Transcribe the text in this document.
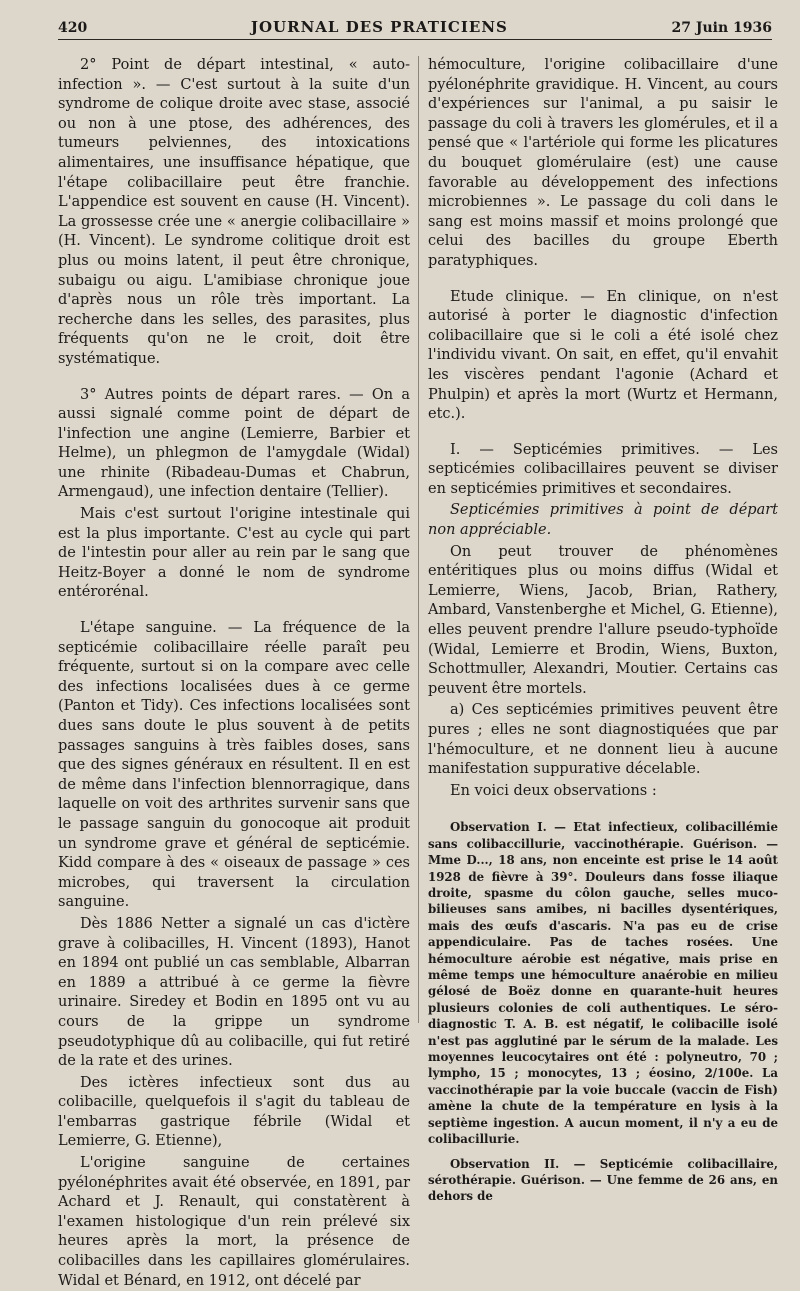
420	JOURNAL DES PRATICIENS	27 Juin 1936

2° Point de départ intestinal, « auto-infection ». — C'est surtout à la suite d'un syndrome de colique droite avec stase, associé ou non à une ptose, des adhérences, des tumeurs pelviennes, des intoxications alimentaires, une insuffisance hépatique, que l'étape colibacillaire peut être franchie. L'appendice est souvent en cause (H. Vincent). La grossesse crée une « anergie colibacillaire » (H. Vincent). Le syndrome colitique droit est plus ou moins latent, il peut être chronique, subaigu ou aigu. L'amibiase chronique joue d'après nous un rôle très important. La recherche dans les selles, des parasites, plus fréquents qu'on ne le croit, doit être systématique.

3° Autres points de départ rares. — On a aussi signalé comme point de départ de l'infection une angine (Lemierre, Barbier et Helme), un phlegmon de l'amygdale (Widal) une rhinite (Ribadeau-Dumas et Chabrun, Armengaud), une infection dentaire (Tellier).

Mais c'est surtout l'origine intestinale qui est la plus importante. C'est au cycle qui part de l'intestin pour aller au rein par le sang que Heitz-Boyer a donné le nom de syndrome entérorénal.

L'étape sanguine. — La fréquence de la septicémie colibacillaire réelle paraît peu fréquente, surtout si on la compare avec celle des infections localisées dues à ce germe (Panton et Tidy). Ces infections localisées sont dues sans doute le plus souvent à de petits passages sanguins à très faibles doses, sans que des signes généraux en résultent. Il en est de même dans l'infection blennorragique, dans laquelle on voit des arthrites survenir sans que le passage sanguin du gonocoque ait produit un syndrome grave et général de septicémie. Kidd compare à des « oiseaux de passage » ces microbes, qui traversent la circulation sanguine.

Dès 1886 Netter a signalé un cas d'ictère grave à colibacilles, H. Vincent (1893), Hanot en 1894 ont publié un cas semblable, Albarran en 1889 a attribué à ce germe la fièvre urinaire. Siredey et Bodin en 1895 ont vu au cours de la grippe un syndrome pseudotyphique dû au colibacille, qui fut retiré de la rate et des urines.

Des ictères infectieux sont dus au colibacille, quelquefois il s'agit du tableau de l'embarras gastrique fébrile (Widal et Lemierre, G. Etienne),

L'origine sanguine de certaines pyélonéphrites avait été observée, en 1891, par Achard et J. Renault, qui constatèrent à l'examen histologique d'un rein prélevé six heures après la mort, la présence de colibacilles dans les capillaires glomérulaires. Widal et Bénard, en 1912, ont décelé par

hémoculture, l'origine colibacillaire d'une pyélonéphrite gravidique. H. Vincent, au cours d'expériences sur l'animal, a pu saisir le passage du coli à travers les glomérules, et il a pensé que « l'artériole qui forme les plicatures du bouquet glomérulaire (est) une cause favorable au développement des infections microbiennes ». Le passage du coli dans le sang est moins massif et moins prolongé que celui des bacilles du groupe Eberth paratyphiques.

Etude clinique. — En clinique, on n'est autorisé à porter le diagnostic d'infection colibacillaire que si le coli a été isolé chez l'individu vivant. On sait, en effet, qu'il envahit les viscères pendant l'agonie (Achard et Phulpin) et après la mort (Wurtz et Hermann, etc.).

I. — Septicémies primitives. — Les septicémies colibacillaires peuvent se diviser en septicémies primitives et secondaires.

Septicémies primitives à point de départ non appréciable.

On peut trouver de phénomènes entéritiques plus ou moins diffus (Widal et Lemierre, Wiens, Jacob, Brian, Rathery, Ambard, Vanstenberghe et Michel, G. Etienne), elles peuvent prendre l'allure pseudo-typhoïde (Widal, Lemierre et Brodin, Wiens, Buxton, Schottmuller, Alexandri, Moutier. Certains cas peuvent être mortels.

a) Ces septicémies primitives peuvent être pures ; elles ne sont diagnostiquées que par l'hémoculture, et ne donnent lieu à aucune manifestation suppurative décelable.

En voici deux observations :

Observation I. — Etat infectieux, colibacillémie sans colibaccillurie, vaccinothérapie. Guérison. — Mme D..., 18 ans, non enceinte est prise le 14 août 1928 de fièvre à 39°. Douleurs dans fosse iliaque droite, spasme du côlon gauche, selles muco-bilieuses sans amibes, ni bacilles dysentériques, mais des œufs d'ascaris. N'a pas eu de crise appendiculaire. Pas de taches rosées. Une hémoculture aérobie est négative, mais prise en même temps une hémoculture anaérobie en milieu gélosé de Boëz donne en quarante-huit heures plusieurs colonies de coli authentiques. Le séro-diagnostic T. A. B. est négatif, le colibacille isolé n'est pas agglutiné par le sérum de la malade. Les moyennes leucocytaires ont été : polyneutro, 70 ; lympho, 15 ; monocytes, 13 ; éosino, 2/100e. La vaccinothérapie par la voie buccale (vaccin de Fish) amène la chute de la température en lysis à la septième ingestion. A aucun moment, il n'y a eu de colibacillurie.

Observation II. — Septicémie colibacillaire, sérothérapie. Guérison. — Une femme de 26 ans, en dehors de
